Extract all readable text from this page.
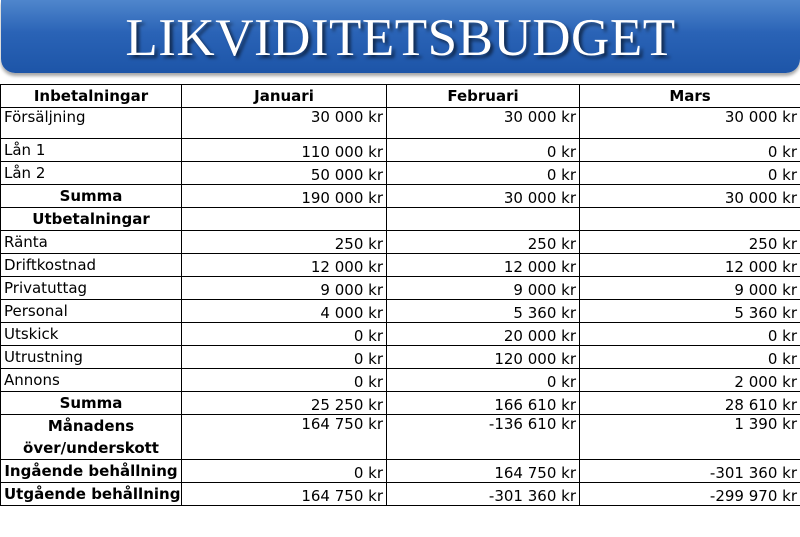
LIKVIDITETSBUDGET
Inbetalningar	Januari	Februari	Mars
Försäljning	30 000 kr	30 000 kr	30 000 kr
Lån 1	110 000 kr	0 kr	0 kr
Lån 2	50 000 kr	0 kr	0 kr
Summa	190 000 kr	30 000 kr	30 000 kr
Utbetalningar			
Ränta	250 kr	250 kr	250 kr
Driftkostnad	12 000 kr	12 000 kr	12 000 kr
Privatuttag	9 000 kr	9 000 kr	9 000 kr
Personal	4 000 kr	5 360 kr	5 360 kr
Utskick	0 kr	20 000 kr	0 kr
Utrustning	0 kr	120 000 kr	0 kr
Annons	0 kr	0 kr	2 000 kr
Summa	25 250 kr	166 610 kr	28 610 kr
Månadens över/underskott	164 750 kr	-136 610 kr	1 390 kr
Ingående behållning	0 kr	164 750 kr	-301 360 kr
Utgående behållning	164 750 kr	-301 360 kr	-299 970 kr
